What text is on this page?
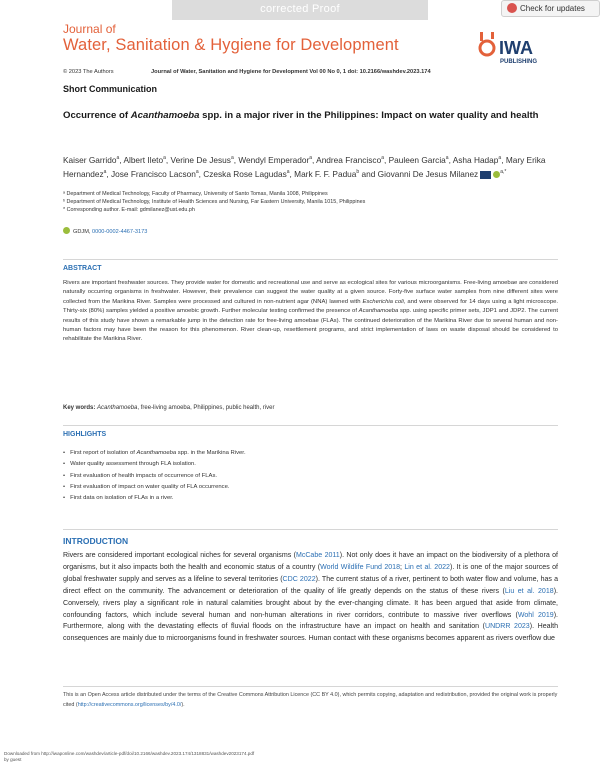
corrected Proof	Check for updates
Journal of
Water, Sanitation & Hygiene for Development	IWA
PUBLISHING
© 2023 The Authors	Journal of Water, Sanitation and Hygiene for Development Vol 00 No 0, 1 doi: 10.2166/washdev.2023.174
Short Communication
Occurrence of Acanthamoeba spp. in a major river in the Philippines: Impact on water quality and health
Kaiser Garrido$^a$, Albert Ileto$^a$, Verine De Jesus$^a$, Wendyl Emperador$^a$, Andrea Francisco$^a$, Pauleen Garcia$^a$, Asha Hadap$^a$, Mary Erika Hernandez$^a$, Jose Francisco Lacson$^a$, Czeska Rose Lagudas$^a$, Mark F. F. Padua$^b$ and Giovanni De Jesus Milanez	$^{a,*}$
ᵃ Department of Medical Technology, Faculty of Pharmacy, University of Santo Tomas, Manila 1008, Philippines
ᵇ Department of Medical Technology, Institute of Health Sciences and Nursing, Far Eastern University, Manila 1015, Philippines
* Corresponding author. E-mail: gdmilanez@ust.edu.ph
GDJM, 0000-0002-4467-3173
ABSTRACT
Rivers are important freshwater sources. They provide water for domestic and recreational use and serve as ecological sites for various microorganisms. Free-living amoebae are considered naturally occurring organisms in freshwater. However, their prevalence can suggest the water quality at a given source. Forty-five surface water samples from nine different sites were collected from the Marikina River. Samples were processed and cultured in non-nutrient agar (NNA) lawned with Escherichia coli, and were observed for 14 days using a light microscope. Thirty-six (80%) samples yielded a positive amoebic growth. Further molecular testing confirmed the presence of Acanthamoeba spp. using specific primer sets, JDP1 and JDP2. The current results of this study have shown a remarkable jump in the detection rate for free-living amoebae (FLAs). The continued deterioration of the Marikina River due to several human and non-human factors may have been the reason for this phenomenon. River clean-up, resettlement programs, and strict implementation of laws on waste disposal should be considered to rehabilitate the Marikina River.
Key words: Acanthamoeba, free-living amoeba, Philippines, public health, river
HIGHLIGHTS
• First report of isolation of Acanthamoeba spp. in the Marikina River.
• Water quality assessment through FLA isolation.
• First evaluation of health impacts of occurrence of FLAs.
• First evaluation of impact on water quality of FLA occurrence.
• First data on isolation of FLAs in a river.
INTRODUCTION
Rivers are considered important ecological niches for several organisms (McCabe 2011). Not only does it have an impact on the biodiversity of a plethora of organisms, but it also impacts both the health and economic status of a country (World Wildlife Fund 2018; Lin et al. 2022). It is one of the major sources of global freshwater supply and serves as a lifeline to several territories (CDC 2022). The current status of a river, pertinent to both water flow and volume, has a direct effect on the community. The advancement or deterioration of the quality of life greatly depends on the status of these rivers (Liu et al. 2018). Conversely, rivers play a significant role in natural calamities brought about by the ever-changing climate. It has been argued that aside from climate, confounding factors, which include several human and non-human alterations in river corridors, contribute to massive river overflows (Wohl 2019). Furthermore, along with the devastating effects of fluvial floods on the infrastructure have an impact on health and sanitation (UNDRR 2023). Health consequences are mainly due to microorganisms found in freshwater sources. Human contact with these organisms becomes apparent as rivers overflow due
This is an Open Access article distributed under the terms of the Creative Commons Attribution Licence (CC BY 4.0), which permits copying, adaptation and redistribution, provided the original work is properly cited (http://creativecommons.org/licenses/by/4.0/).
Downloaded from http://iwaponline.com/washdev/article-pdf/doi/10.2166/washdev.2023.174/1318831/washdev2023174.pdf
by guest
